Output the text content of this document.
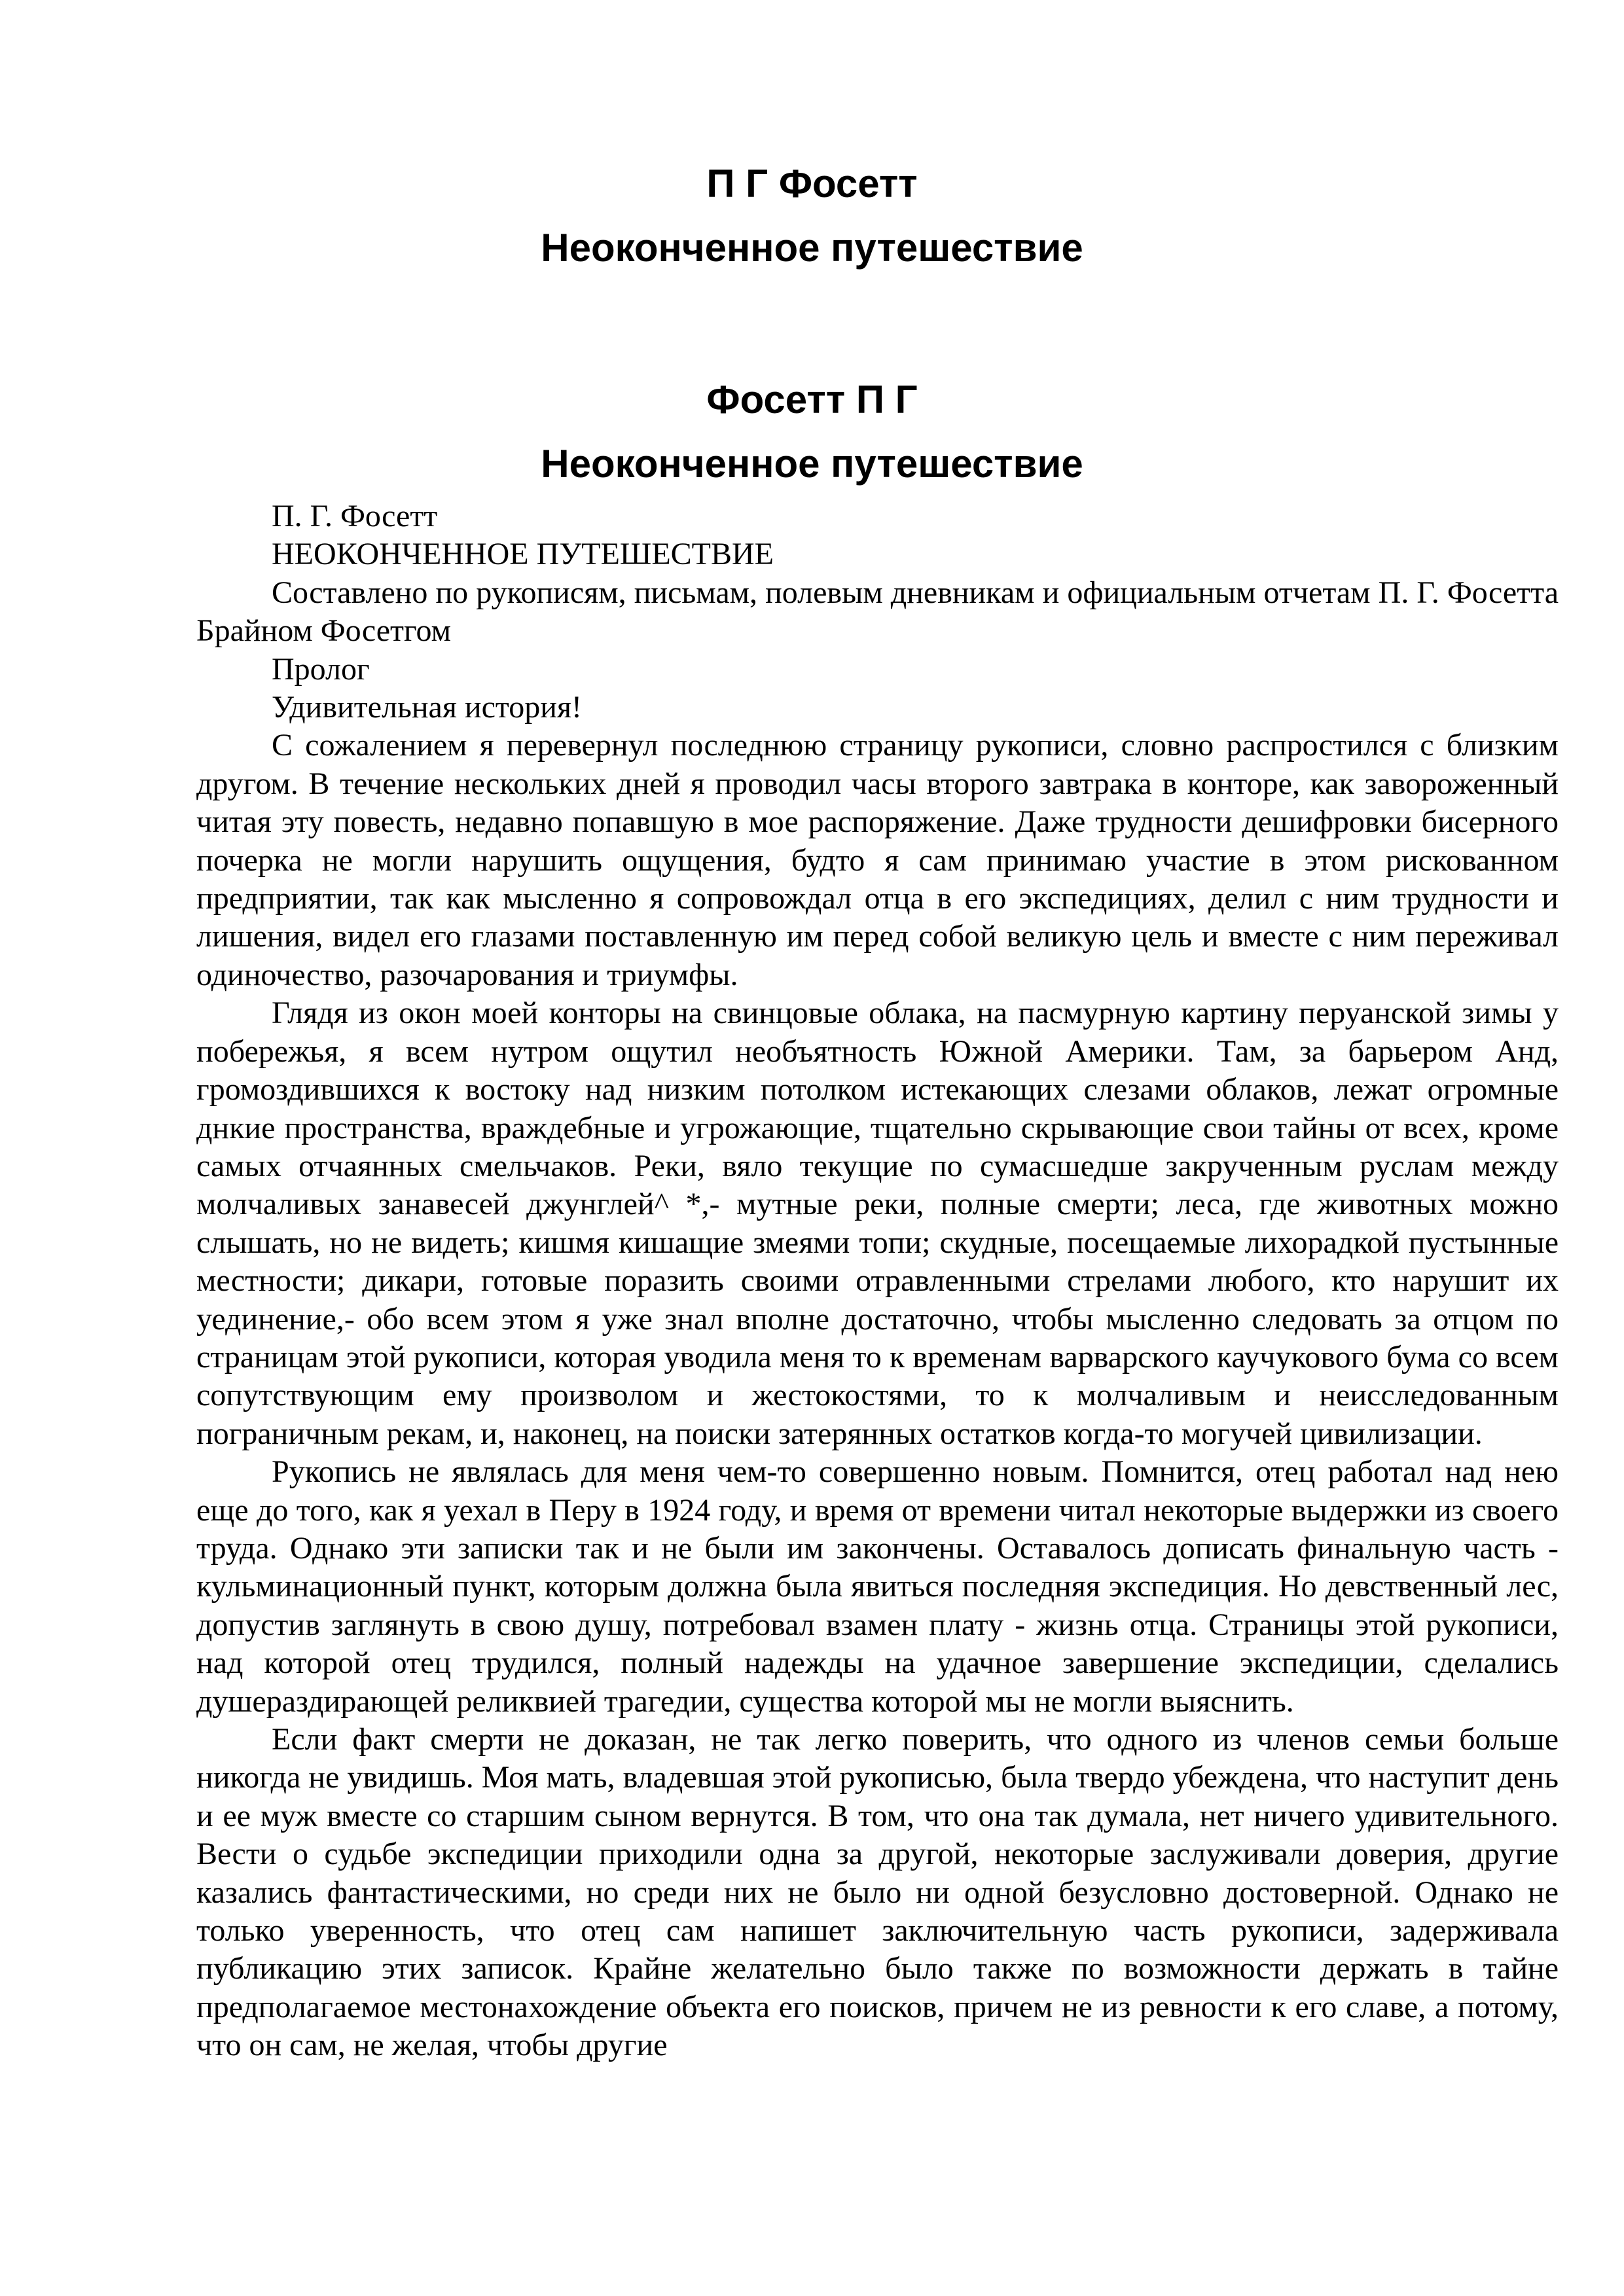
П Г Фосетт
Неоконченное путешествие
Фосетт П Г
Неоконченное путешествие

П. Г. Фосетт

НЕОКОНЧЕННОЕ ПУТЕШЕСТВИЕ

Составлено по рукописям, письмам, полевым дневникам и официальным отчетам П. Г. Фосетта Брайном Фосетгом

Пролог

Удивительная история!

С сожалением я перевернул последнюю страницу рукописи, словно распростился с близким другом. В течение нескольких дней я проводил часы второго завтрака в конторе, как завороженный читая эту повесть, недавно попавшую в мое распоряжение. Даже трудности дешифровки бисерного почерка не могли нарушить ощущения, будто я сам принимаю участие в этом рискованном предприятии, так как мысленно я сопровождал отца в его экспедициях, делил с ним трудности и лишения, видел его глазами поставленную им перед собой великую цель и вместе с ним переживал одиночество, разочарования и триумфы.

Глядя из окон моей конторы на свинцовые облака, на пасмурную картину перуанской зимы у побережья, я всем нутром ощутил необъятность Южной Америки. Там, за барьером Анд, громоздившихся к востоку над низким потолком истекающих слезами облаков, лежат огромные днкие пространства, враждебные и угрожающие, тщательно скрывающие свои тайны от всех, кроме самых отчаянных смельчаков. Реки, вяло текущие по сумасшедше закрученным руслам между молчаливых занавесей джунглей^ *,- мутные реки, полные смерти; леса, где животных можно слышать, но не видеть; кишмя кишащие змеями топи; скудные, посещаемые лихорадкой пустынные местности; дикари, готовые поразить своими отравленными стрелами любого, кто нарушит их уединение,- обо всем этом я уже знал вполне достаточно, чтобы мысленно следовать за отцом по страницам этой рукописи, которая уводила меня то к временам варварского каучукового бума со всем сопутствующим ему произволом и жестокостями, то к молчаливым и неисследованным пограничным рекам, и, наконец, на поиски затерянных остатков когда-то могучей цивилизации.

Рукопись не являлась для меня чем-то совершенно новым. Помнится, отец работал над нею еще до того, как я уехал в Перу в 1924 году, и время от времени читал некоторые выдержки из своего труда. Однако эти записки так и не были им закончены. Оставалось дописать финальную часть - кульминационный пункт, которым должна была явиться последняя экспедиция. Но девственный лес, допустив заглянуть в свою душу, потребовал взамен плату - жизнь отца. Страницы этой рукописи, над которой отец трудился, полный надежды на удачное завершение экспедиции, сделались душераздирающей реликвией трагедии, существа которой мы не могли выяснить.

Если факт смерти не доказан, не так легко поверить, что одного из членов семьи больше никогда не увидишь. Моя мать, владевшая этой рукописью, была твердо убеждена, что наступит день и ее муж вместе со старшим сыном вернутся. В том, что она так думала, нет ничего удивительного. Вести о судьбе экспедиции приходили одна за другой, некоторые заслуживали доверия, другие казались фантастическими, но среди них не было ни одной безусловно достоверной. Однако не только уверенность, что отец сам напишет заключительную часть рукописи, задерживала публикацию этих записок. Крайне желательно было также по возможности держать в тайне предполагаемое местонахождение объекта его поисков, причем не из ревности к его славе, а потому, что он сам, не желая, чтобы другие
